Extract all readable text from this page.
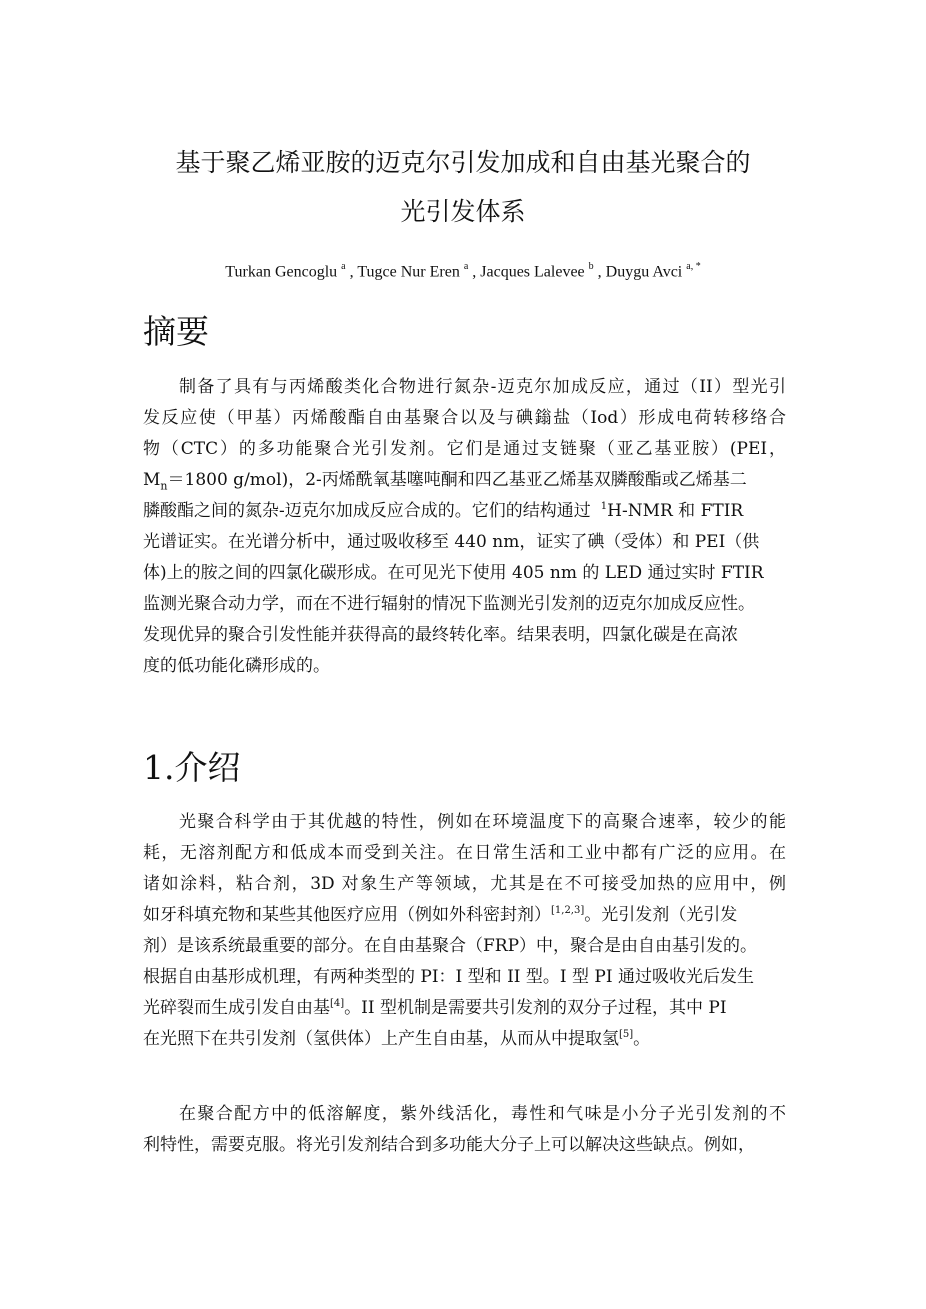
基于聚乙烯亚胺的迈克尔引发加成和自由基光聚合的
光引发体系
Turkan Gencoglu $^a$ , Tugce Nur Eren $^a$ , Jacques Lalevee $^b$ , Duygu Avci $^{a, *}$
摘要
制备了具有与丙烯酸类化合物进行氮杂-迈克尔加成反应，通过（II）型光引
发反应使（甲基）丙烯酸酯自由基聚合以及与碘鎓盐（Iod）形成电荷转移络合
物（CTC）的多功能聚合光引发剂。它们是通过支链聚（亚乙基亚胺）(PEI，
$M_n=1800$ g/mol)，2-丙烯酰氧基噻吨酮和四乙基亚乙烯基双膦酸酯或乙烯基二
膦酸酯之间的氮杂-迈克尔加成反应合成的。它们的结构通过 $^1$H-NMR 和 FTIR
光谱证实。在光谱分析中，通过吸收移至 440 nm，证实了碘（受体）和 PEI（供
体)上的胺之间的四氯化碳形成。在可见光下使用 405 nm 的 LED 通过实时 FTIR
监测光聚合动力学，而在不进行辐射的情况下监测光引发剂的迈克尔加成反应性。
发现优异的聚合引发性能并获得高的最终转化率。结果表明，四氯化碳是在高浓
度的低功能化磷形成的。
1.介绍
光聚合科学由于其优越的特性，例如在环境温度下的高聚合速率，较少的能
耗，无溶剂配方和低成本而受到关注。在日常生活和工业中都有广泛的应用。在
诸如涂料，粘合剂，3D 对象生产等领域，尤其是在不可接受加热的应用中，例
如牙科填充物和某些其他医疗应用（例如外科密封剂）[1,2,3]。光引发剂（光引发
剂）是该系统最重要的部分。在自由基聚合（FRP）中，聚合是由自由基引发的。
根据自由基形成机理，有两种类型的 PI：I 型和 II 型。I 型 PI 通过吸收光后发生
光碎裂而生成引发自由基[4]。II 型机制是需要共引发剂的双分子过程，其中 PI
在光照下在共引发剂（氢供体）上产生自由基，从而从中提取氢[5]。
在聚合配方中的低溶解度，紫外线活化，毒性和气味是小分子光引发剂的不
利特性，需要克服。将光引发剂结合到多功能大分子上可以解决这些缺点。例如，
